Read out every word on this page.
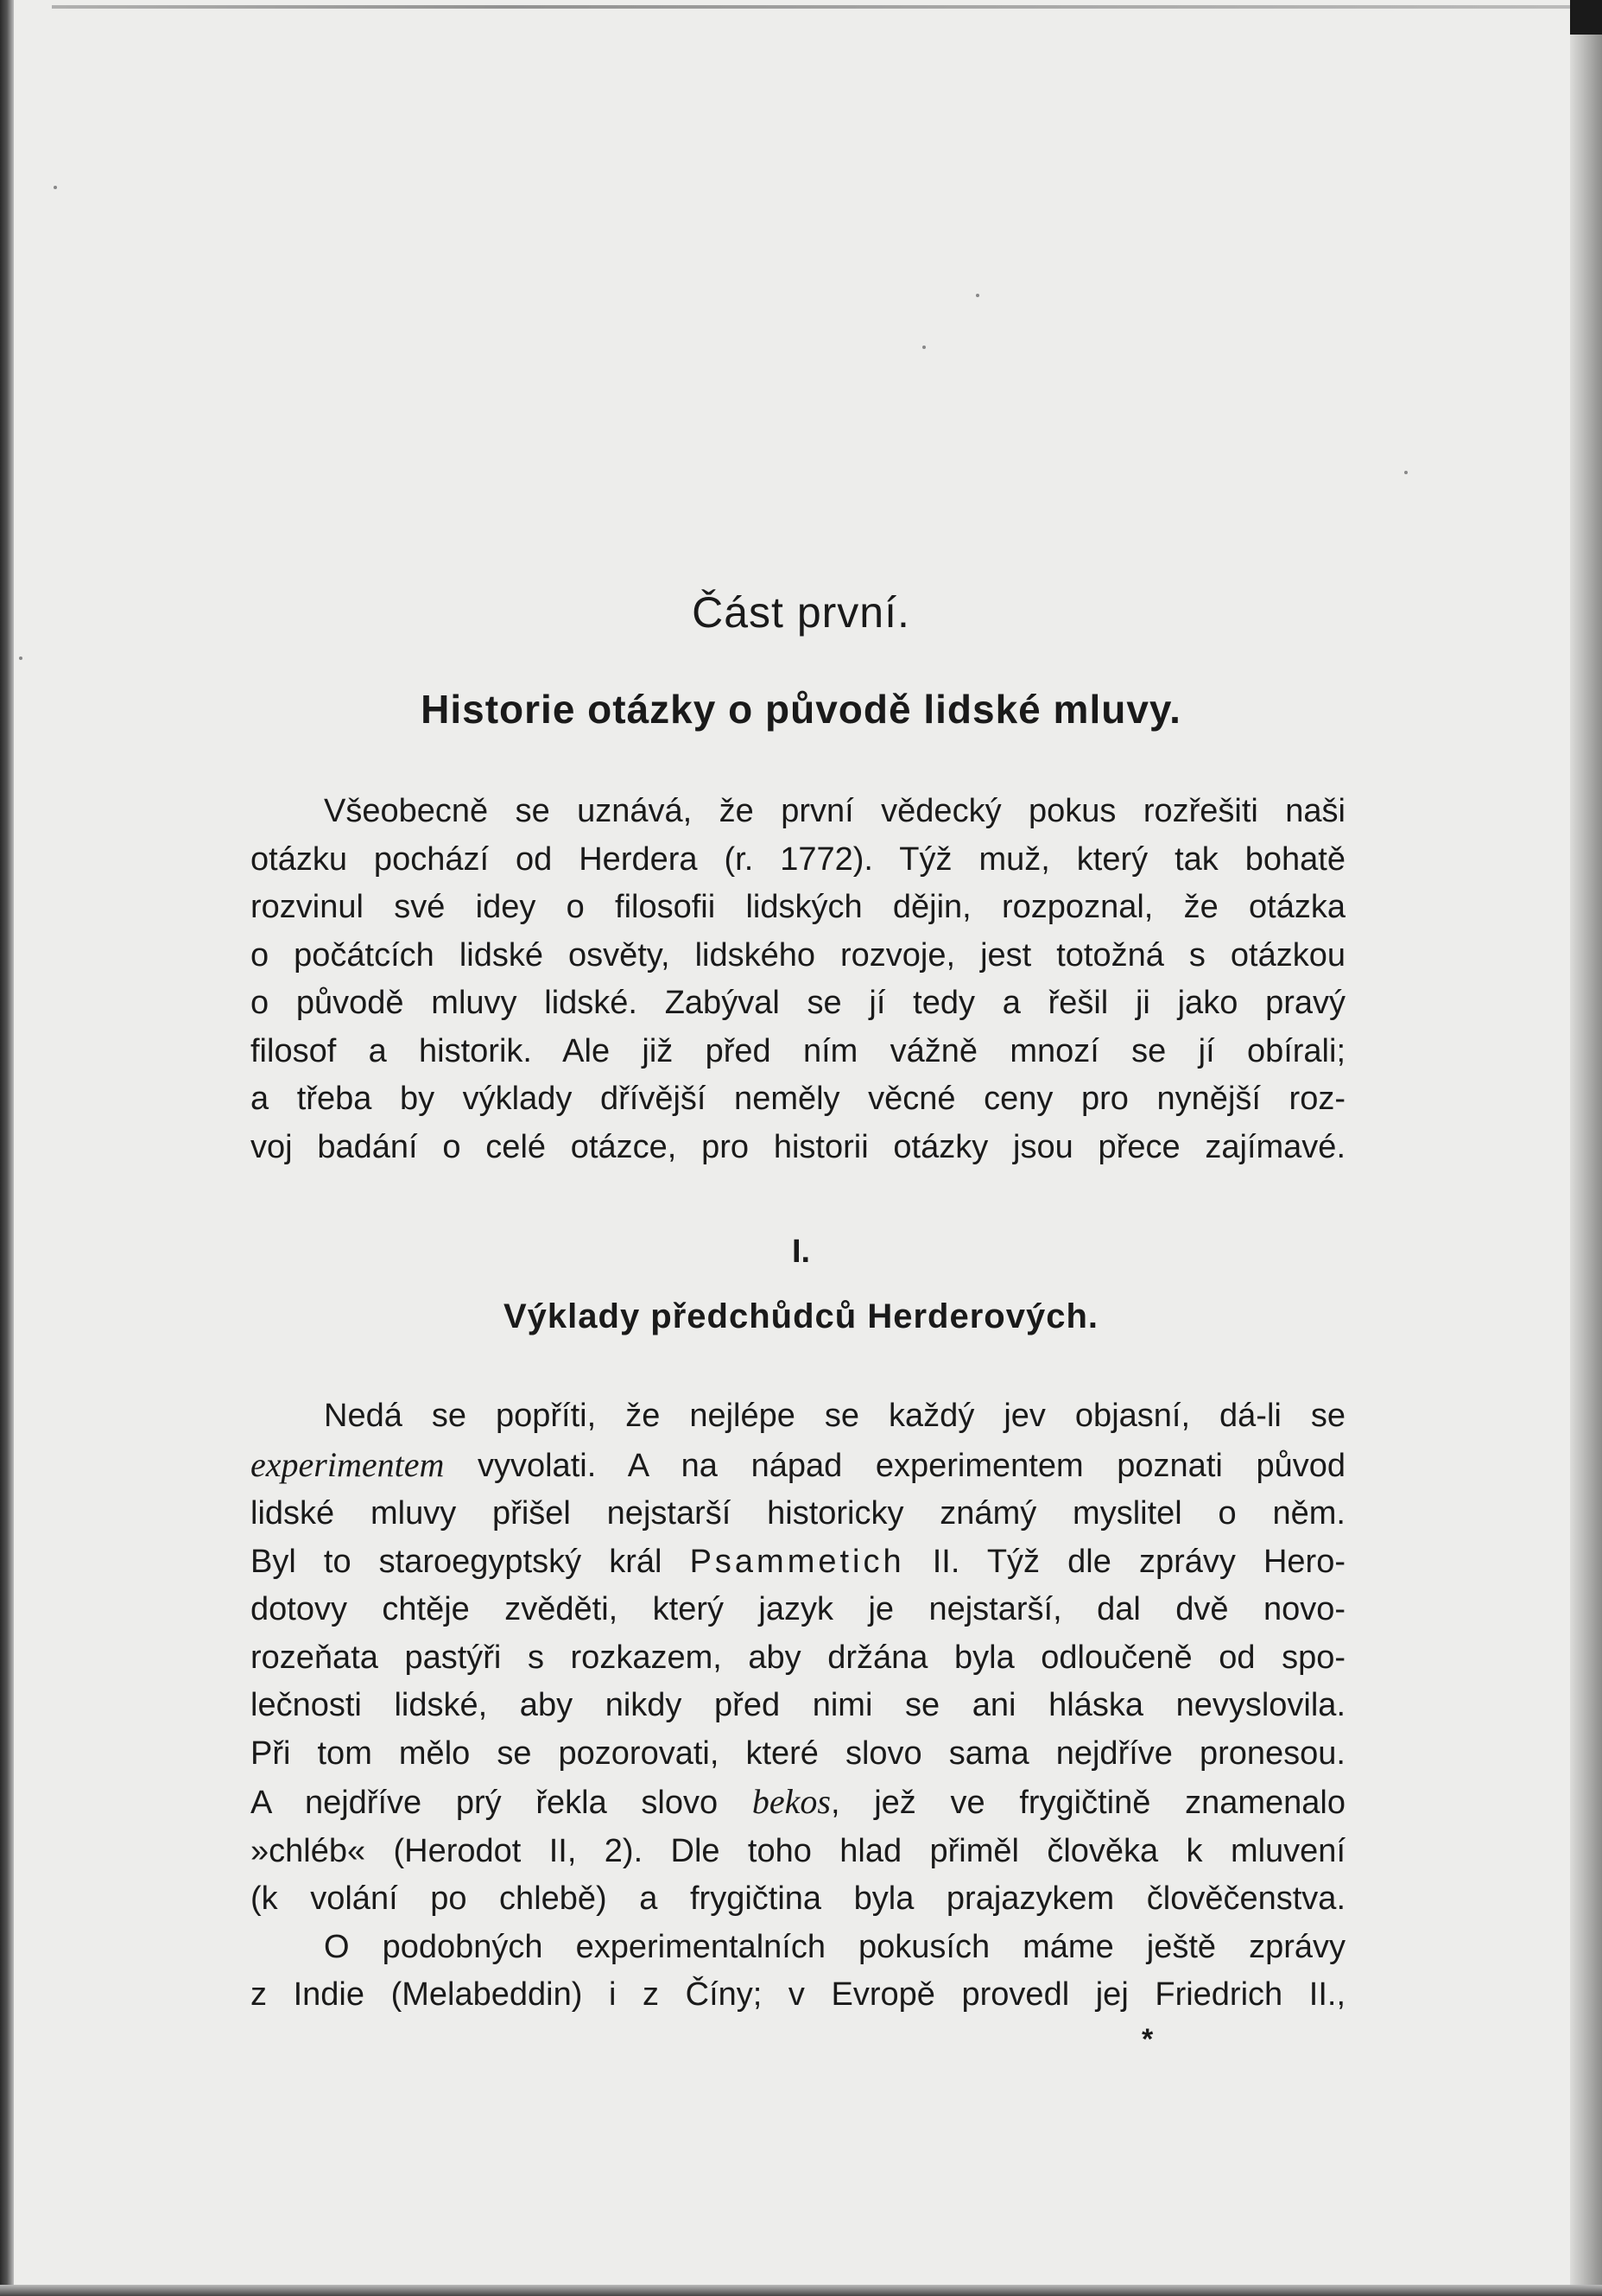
Část první.
Historie otázky o původě lidské mluvy.
Všeobecně se uznává, že první vědecký pokus rozřešiti naši
otázku pochází od Herdera (r. 1772). Týž muž, který tak bohatě
rozvinul své idey o filosofii lidských dějin, rozpoznal, že otázka
o počátcích lidské osvěty, lidského rozvoje, jest totožná s otázkou
o původě mluvy lidské. Zabýval se jí tedy a řešil ji jako pravý
filosof a historik. Ale již před ním vážně mnozí se jí obírali;
a třeba by výklady dřívější neměly věcné ceny pro nynější roz-
voj badání o celé otázce, pro historii otázky jsou přece zajímavé.
I.
Výklady předchůdců Herderových.
Nedá se popříti, že nejlépe se každý jev objasní, dá-li se
experimentem vyvolati. A na nápad experimentem poznati původ
lidské mluvy přišel nejstarší historicky známý myslitel o něm.
Byl to staroegyptský král Psammetich II. Týž dle zprávy Hero-
dotovy chtěje zvěděti, který jazyk je nejstarší, dal dvě novo-
rozeňata pastýři s rozkazem, aby držána byla odloučeně od spo-
lečnosti lidské, aby nikdy před nimi se ani hláska nevyslovila.
Při tom mělo se pozorovati, které slovo sama nejdříve pronesou.
A nejdříve prý řekla slovo bekos, jež ve frygičtině znamenalo
»chléb« (Herodot II, 2). Dle toho hlad přiměl člověka k mluvení
(k volání po chlebě) a frygičtina byla prajazykem člověčenstva.
O podobných experimentalních pokusích máme ještě zprávy
z Indie (Melabeddin) i z Číny; v Evropě provedl jej Friedrich II.,
*
